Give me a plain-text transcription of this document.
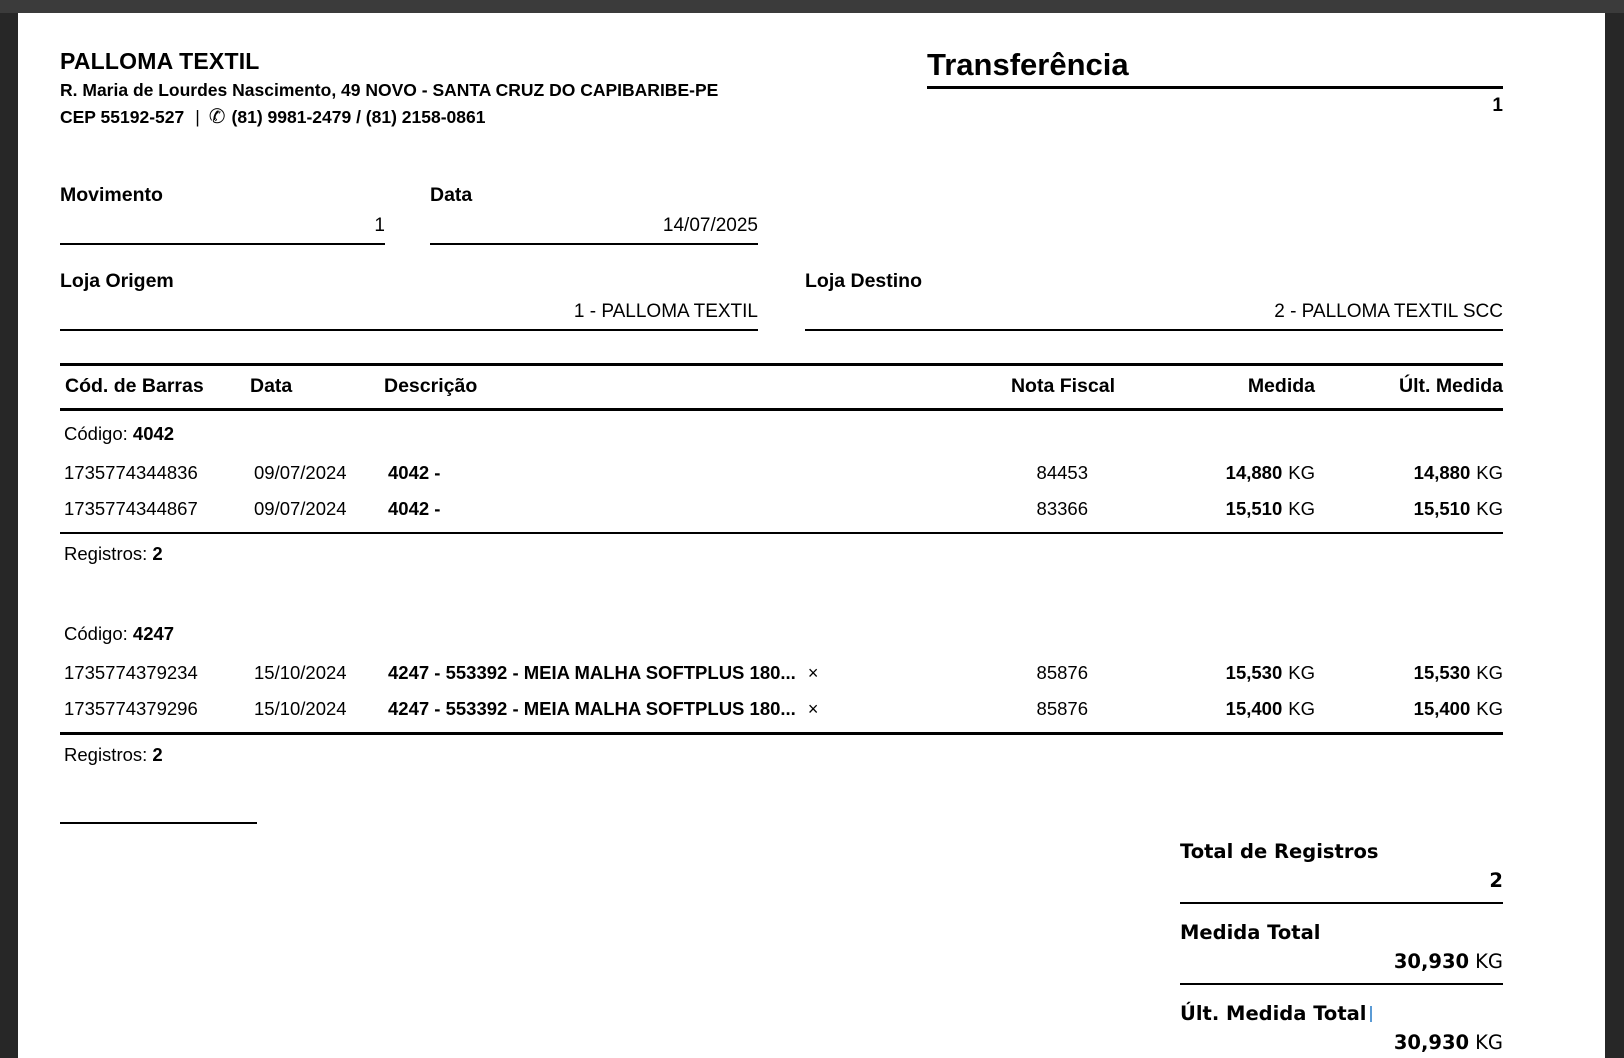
PALLOMA TEXTIL
R. Maria de Lourdes Nascimento, 49 NOVO - SANTA CRUZ DO CAPIBARIBE-PE
CEP 55192-527 | ✆ (81) 9981-2479 / (81) 2158-0861
Transferência
1
Movimento
1
Data
14/07/2025
Loja Origem
1 - PALLOMA TEXTIL
Loja Destino
2 - PALLOMA TEXTIL SCC
Cód. de Barras	Data	Descrição	Nota Fiscal	Medida	Últ. Medida
Código: 4042
1735774344836	09/07/2024	4042 -	84453	14,880 KG	14,880 KG
1735774344867	09/07/2024	4042 -	83366	15,510 KG	15,510 KG
Registros: 2
Código: 4247
1735774379234	15/10/2024	4247 - 553392 - MEIA MALHA SOFTPLUS 180... ×	85876	15,530 KG	15,530 KG
1735774379296	15/10/2024	4247 - 553392 - MEIA MALHA SOFTPLUS 180... ×	85876	15,400 KG	15,400 KG
Registros: 2
Total de Registros
2
Medida Total
30,930 KG
Últ. Medida Total
30,930 KG
